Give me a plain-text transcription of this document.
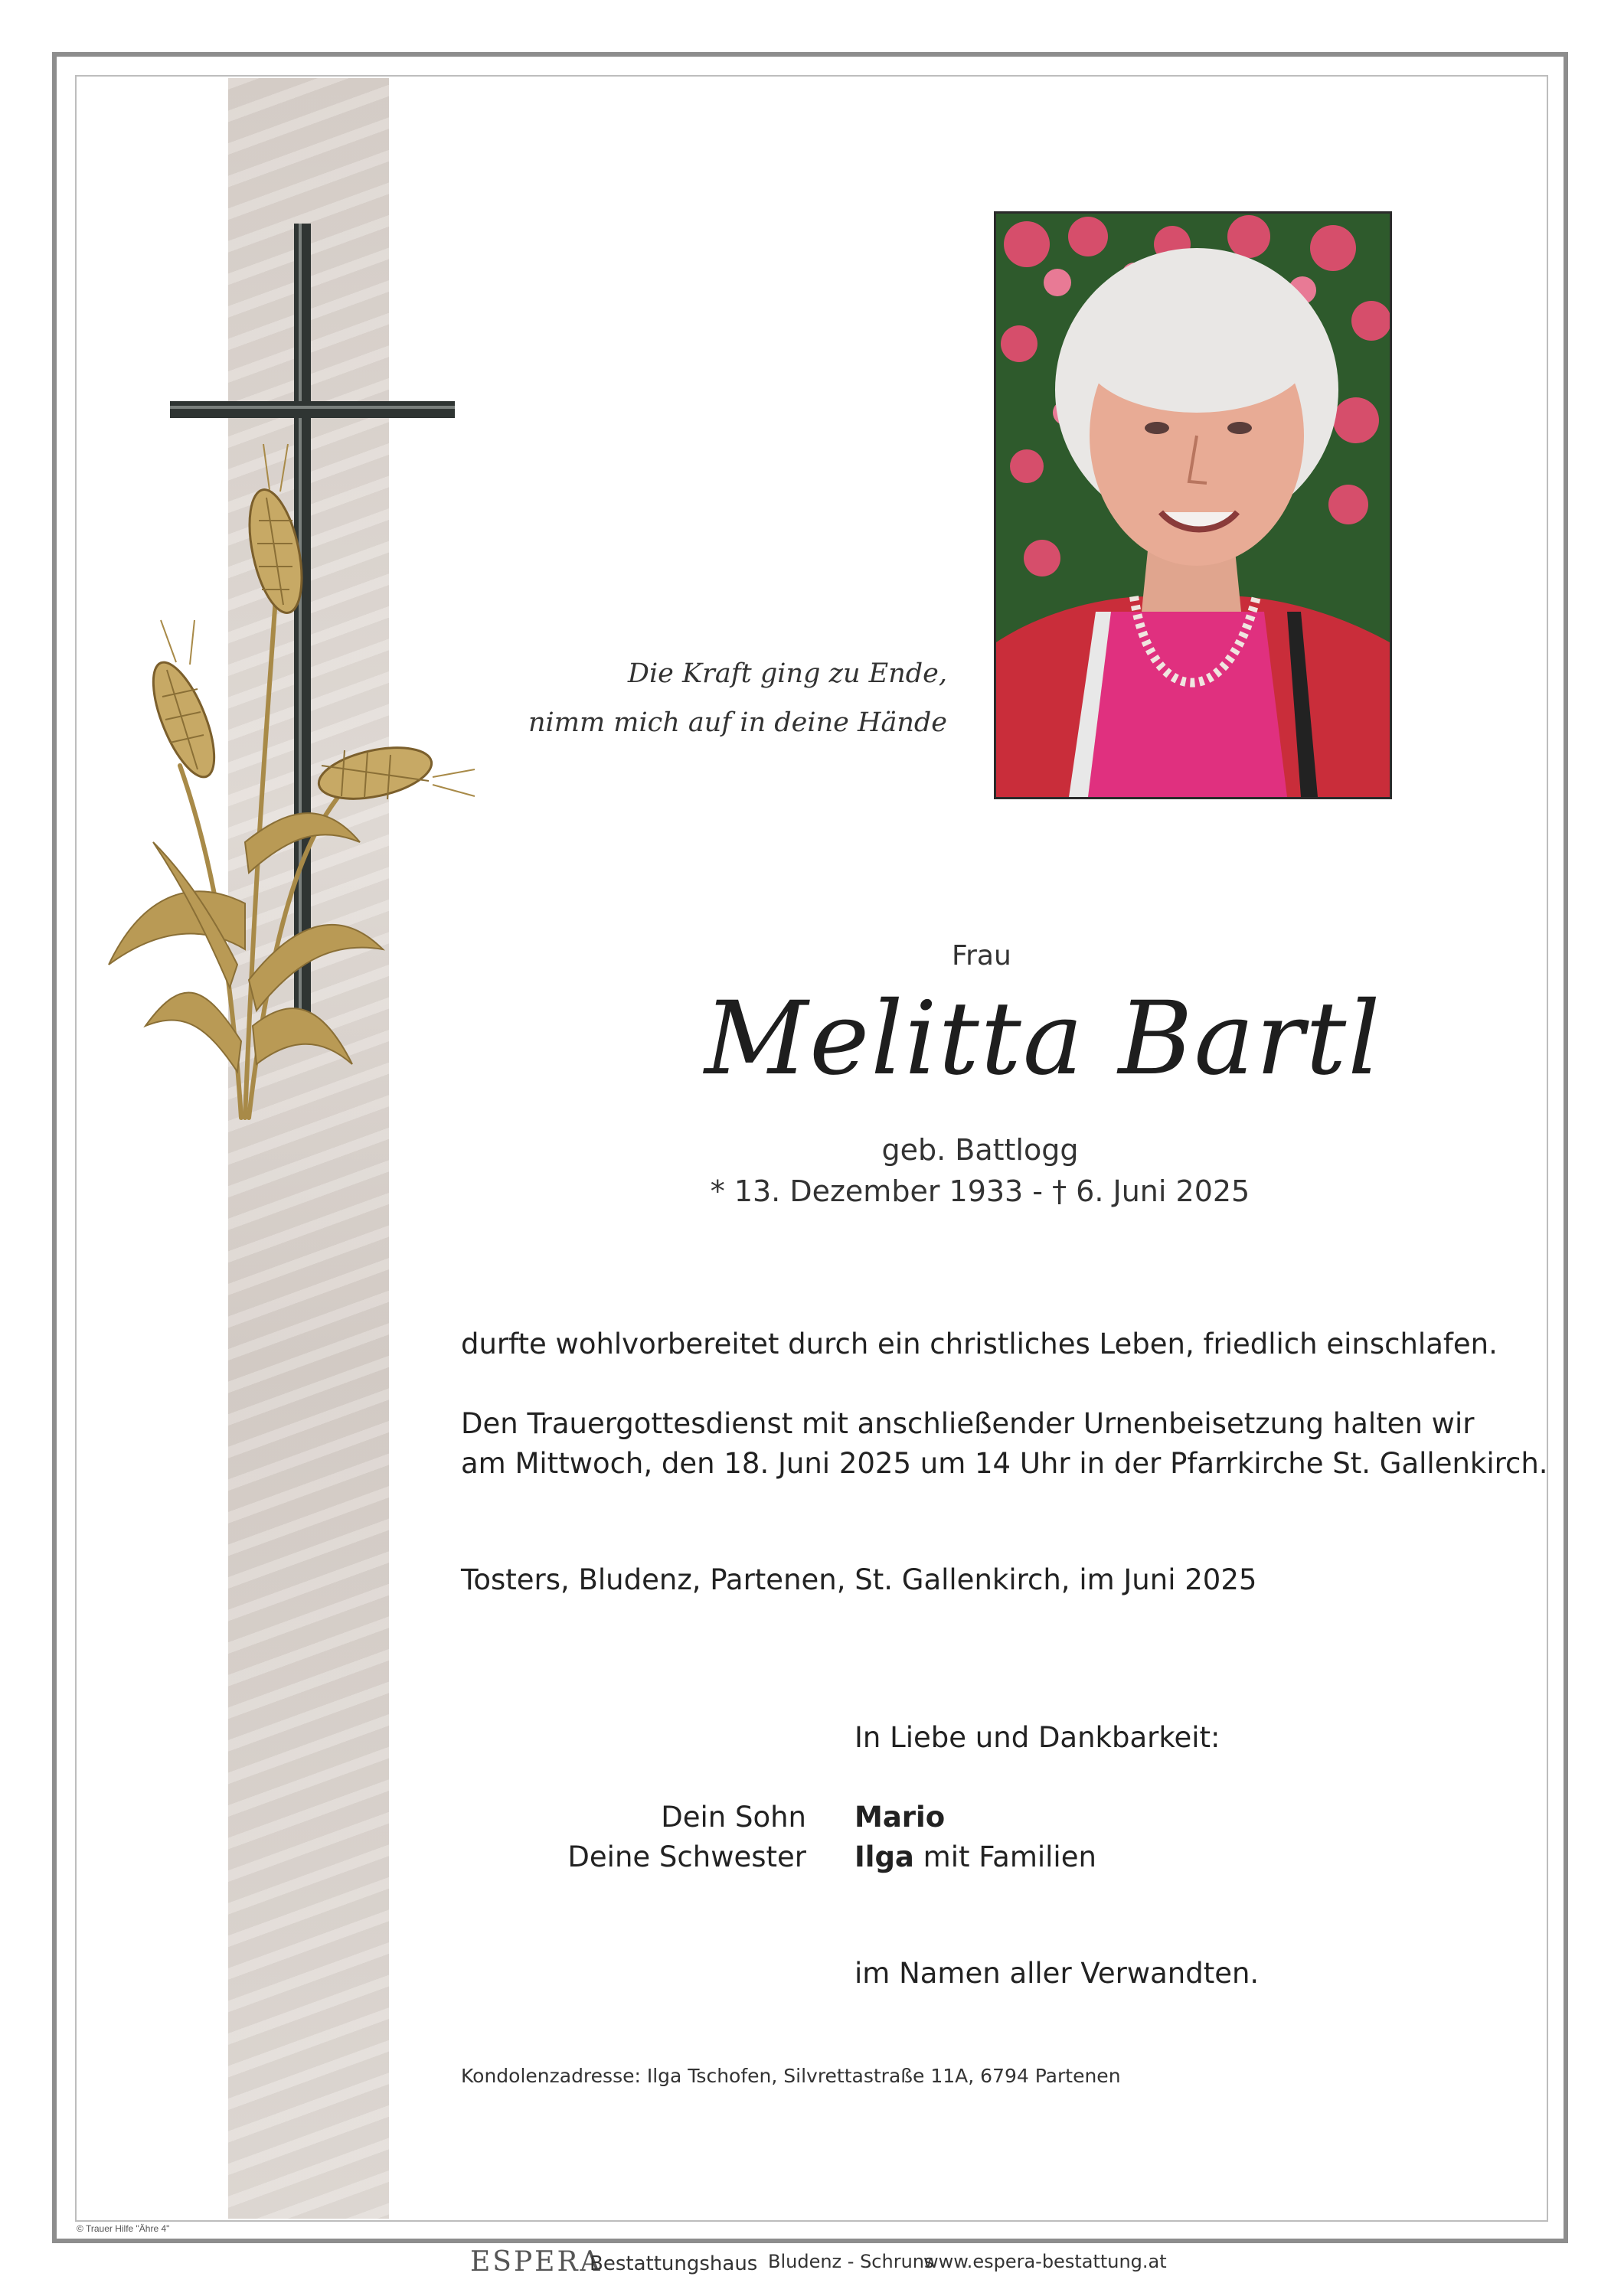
Die Kraft ging zu Ende,
nimm mich auf in deine Hände
Frau
Melitta Bartl
geb. Battlogg
* 13. Dezember 1933 - † 6. Juni 2025
durfte wohlvorbereitet durch ein christliches Leben, friedlich einschlafen.
Den Trauergottesdienst mit anschließender Urnenbeisetzung halten wir
am Mittwoch, den 18. Juni 2025 um 14 Uhr in der Pfarrkirche St. Gallenkirch.
Tosters, Bludenz, Partenen, St. Gallenkirch, im Juni 2025
In Liebe und Dankbarkeit:
Dein Sohn Mario
Deine Schwester Ilga mit Familien
im Namen aller Verwandten.
Kondolenzadresse: Ilga Tschofen, Silvrettastraße 11A, 6794 Partenen
© Trauer Hilfe "Ähre 4"
ESPERA
Bestattungshaus Bludenz - Schruns
www.espera-bestattung.at
